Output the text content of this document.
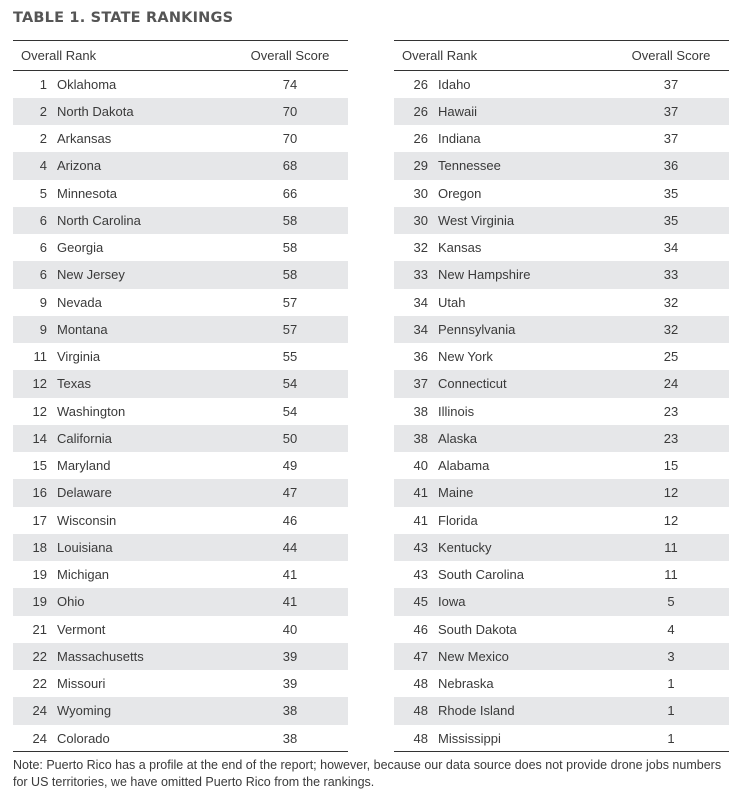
TABLE 1. STATE RANKINGS
Overall Rank		Overall Score
1	Oklahoma	74
2	North Dakota	70
2	Arkansas	70
4	Arizona	68
5	Minnesota	66
6	North Carolina	58
6	Georgia	58
6	New Jersey	58
9	Nevada	57
9	Montana	57
11	Virginia	55
12	Texas	54
12	Washington	54
14	California	50
15	Maryland	49
16	Delaware	47
17	Wisconsin	46
18	Louisiana	44
19	Michigan	41
19	Ohio	41
21	Vermont	40
22	Massachusetts	39
22	Missouri	39
24	Wyoming	38
24	Colorado	38
Overall Rank		Overall Score
26	Idaho	37
26	Hawaii	37
26	Indiana	37
29	Tennessee	36
30	Oregon	35
30	West Virginia	35
32	Kansas	34
33	New Hampshire	33
34	Utah	32
34	Pennsylvania	32
36	New York	25
37	Connecticut	24
38	Illinois	23
38	Alaska	23
40	Alabama	15
41	Maine	12
41	Florida	12
43	Kentucky	11
43	South Carolina	11
45	Iowa	5
46	South Dakota	4
47	New Mexico	3
48	Nebraska	1
48	Rhode Island	1
48	Mississippi	1
Note: Puerto Rico has a profile at the end of the report; however, because our data source does not provide drone jobs numbers for US territories, we have omitted Puerto Rico from the rankings.
